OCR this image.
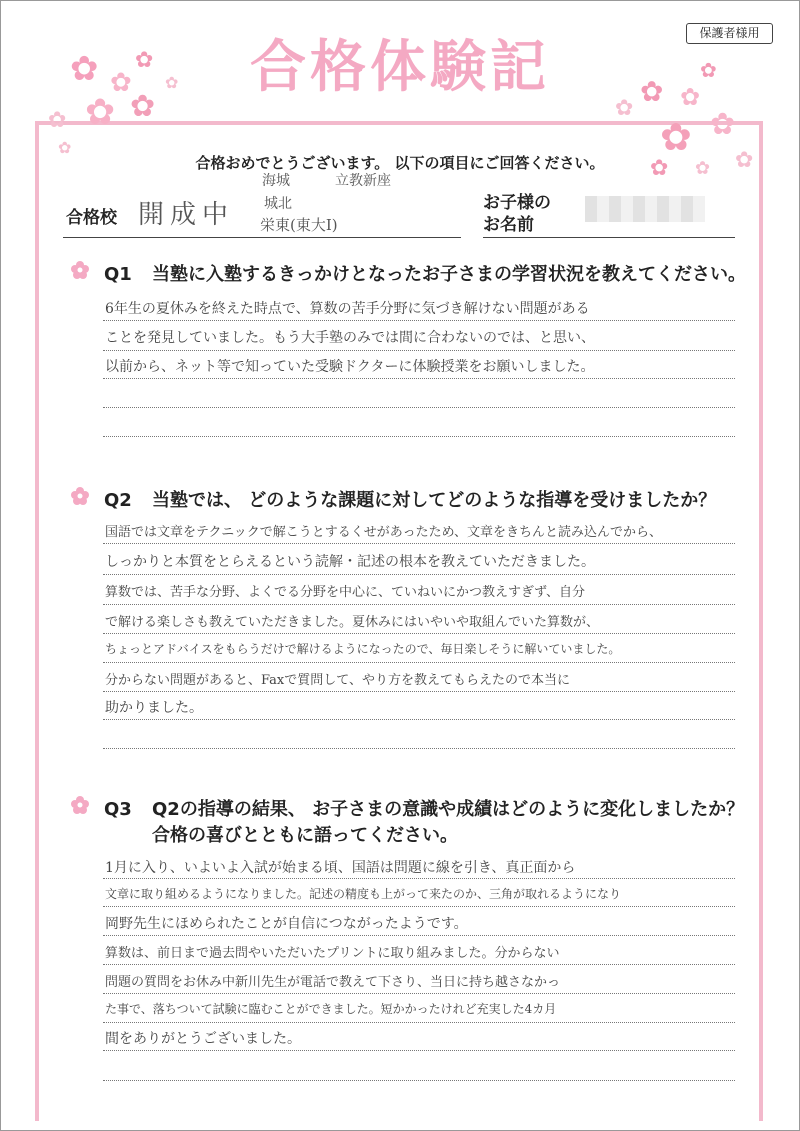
保護者様用
合格体験記
✿ ✿
✿
✿ ✿
✿
✿
✿
✿
✿ ✿
✿
✿ ✿
✿	✿
✿
合格おめでとうございます。 以下の項目にご回答ください。
合格校 開成中
海城	立教新座
城北
栄東(東大I)
お子様の
お名前
Q1 当塾に入塾するきっかけとなったお子さまの学習状況を教えてください。
6年生の夏休みを終えた時点で、算数の苦手分野に気づき解けない問題がある
ことを発見していました。もう大手塾のみでは間に合わないのでは、と思い、
以前から、ネット等で知っていた受験ドクターに体験授業をお願いしました。
Q2 当塾では、 どのような課題に対してどのような指導を受けましたか？
国語では文章をテクニックで解こうとするくせがあったため、文章をきちんと読み込んでから、
しっかりと本質をとらえるという読解・記述の根本を教えていただきました。
算数では、苦手な分野、よくでる分野を中心に、ていねいにかつ教えすぎず、自分
で解ける楽しさも教えていただきました。夏休みにはいやいや取組んでいた算数が、
ちょっとアドバイスをもらうだけで解けるようになったので、毎日楽しそうに解いていました。
分からない問題があると、Faxで質問して、やり方を教えてもらえたので本当に
助かりました。
Q3 Q2の指導の結果、 お子さまの意識や成績はどのように変化しましたか？
合格の喜びとともに語ってください。
1月に入り、いよいよ入試が始まる頃、国語は問題に線を引き、真正面から
文章に取り組めるようになりました。記述の精度も上がって来たのか、三角が取れるようになり
岡野先生にほめられたことが自信につながったようです。
算数は、前日まで過去問やいただいたプリントに取り組みました。分からない
問題の質問をお休み中新川先生が電話で教えて下さり、当日に持ち越さなかっ
た事で、落ちついて試験に臨むことができました。短かかったけれど充実した4カ月
間をありがとうございました。
